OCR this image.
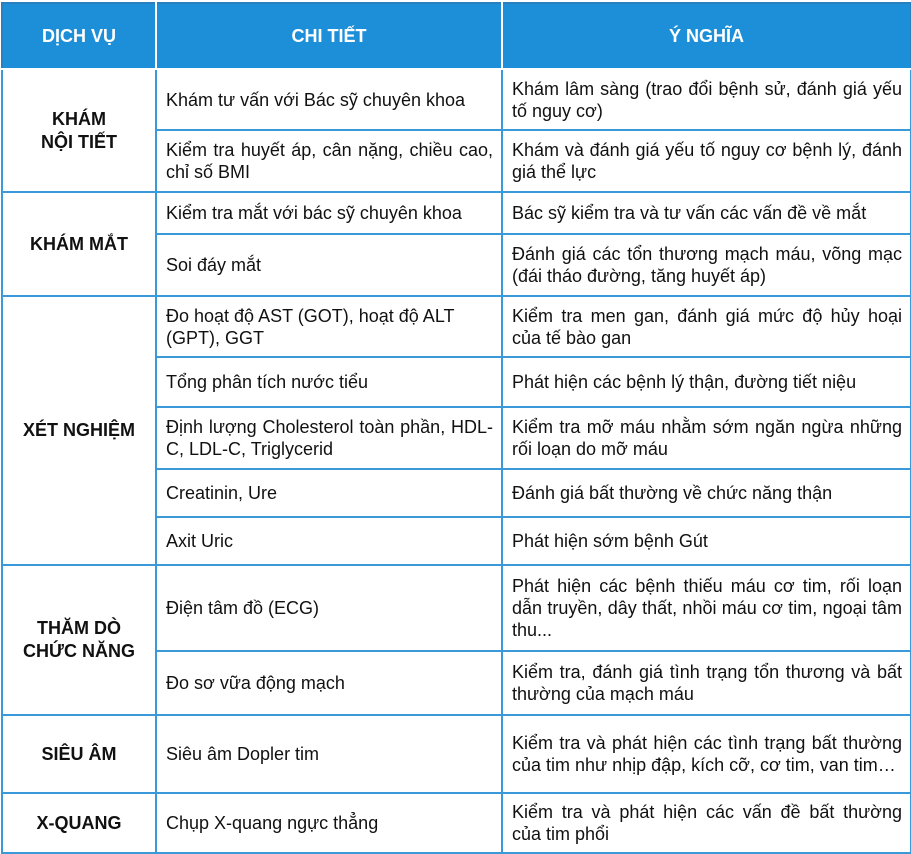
DỊCH VỤ	CHI TIẾT	Ý NGHĨA

KHÁM
NỘI TIẾT	Khám tư vấn với Bác sỹ chuyên khoa	Khám lâm sàng (trao đổi bệnh sử, đánh giá yếu tố nguy cơ)
	Kiểm tra huyết áp, cân nặng, chiều cao, chỉ số BMI	Khám và đánh giá yếu tố nguy cơ bệnh lý, đánh giá thể lực
KHÁM MẮT	Kiểm tra mắt với bác sỹ chuyên khoa	Bác sỹ kiểm tra và tư vấn các vấn đề về mắt
	Soi đáy mắt	Đánh giá các tổn thương mạch máu, võng mạc (đái tháo đường, tăng huyết áp)
XÉT NGHIỆM	Đo hoạt độ AST (GOT), hoạt độ ALT (GPT), GGT	Kiểm tra men gan, đánh giá mức độ hủy hoại của tế bào gan
	Tổng phân tích nước tiểu	Phát hiện các bệnh lý thận, đường tiết niệu
	Định lượng Cholesterol toàn phần, HDL-C, LDL-C, Triglycerid	Kiểm tra mỡ máu nhằm sớm ngăn ngừa những rối loạn do mỡ máu
	Creatinin, Ure	Đánh giá bất thường về chức năng thận
	Axit Uric	Phát hiện sớm bệnh Gút

THĂM DÒ
CHỨC NĂNG	Điện tâm đồ (ECG)	Phát hiện các bệnh thiếu máu cơ tim, rối loạn dẫn truyền, dây thất, nhồi máu cơ tim, ngoại tâm thu...
	Đo sơ vữa động mạch	Kiểm tra, đánh giá tình trạng tổn thương và bất thường của mạch máu
SIÊU ÂM	Siêu âm Dopler tim	Kiểm tra và phát hiện các tình trạng bất thường của tim như nhịp đập, kích cỡ, cơ tim, van tim…
X-QUANG	Chụp X-quang ngực thẳng	Kiểm tra và phát hiện các vấn đề bất thường của tim phổi
